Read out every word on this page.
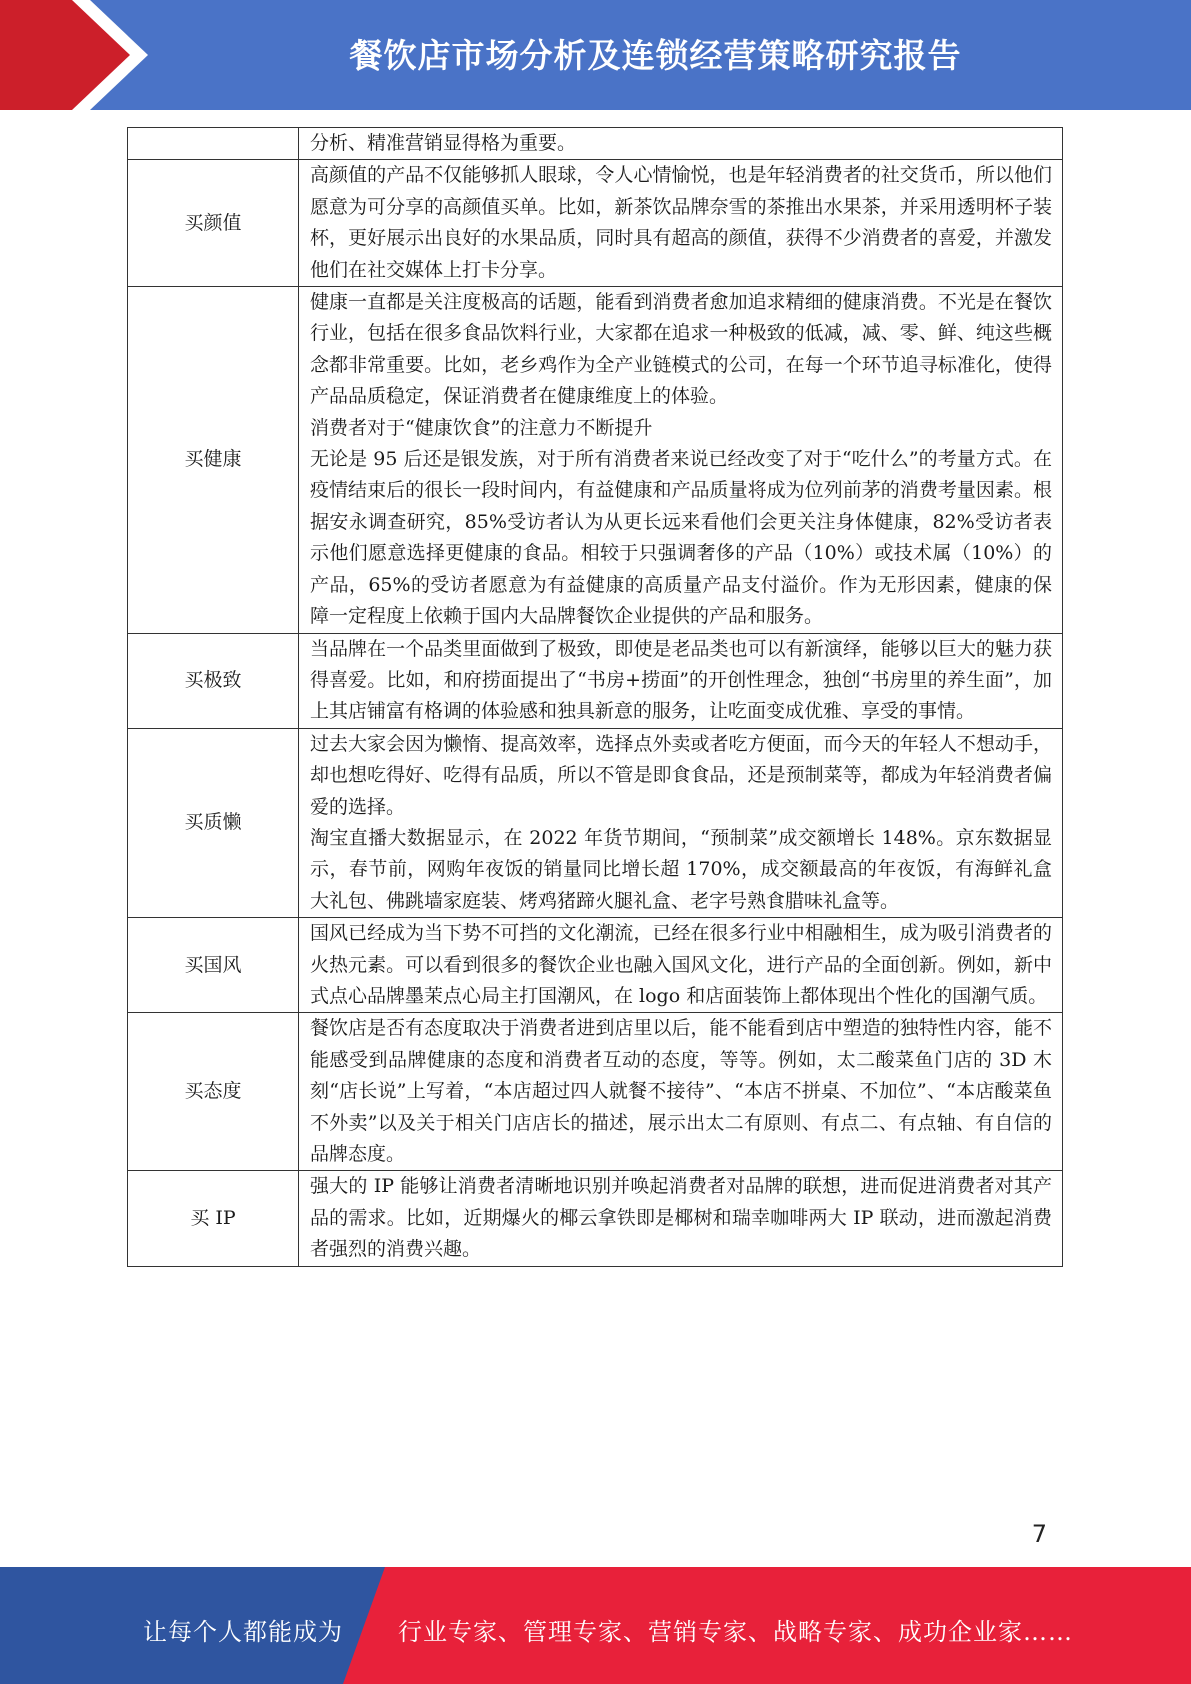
餐饮店市场分析及连锁经营策略研究报告

	分析、精准营销显得格为重要。

买颜值	高颜值的产品不仅能够抓人眼球，令人心情愉悦，也是年轻消费者的社交货币，所以他们愿意为可分享的高颜值买单。比如，新茶饮品牌奈雪的茶推出水果茶，并采用透明杯子装杯，更好展示出良好的水果品质，同时具有超高的颜值，获得不少消费者的喜爱，并激发他们在社交媒体上打卡分享。

买健康	健康一直都是关注度极高的话题，能看到消费者愈加追求精细的健康消费。不光是在餐饮行业，包括在很多食品饮料行业，大家都在追求一种极致的低减，减、零、鲜、纯这些概念都非常重要。比如，老乡鸡作为全产业链模式的公司，在每一个环节追寻标准化，使得产品品质稳定，保证消费者在健康维度上的体验。
消费者对于“健康饮食”的注意力不断提升
无论是 95 后还是银发族，对于所有消费者来说已经改变了对于“吃什么”的考量方式。在疫情结束后的很长一段时间内，有益健康和产品质量将成为位列前茅的消费考量因素。根据安永调查研究，85%受访者认为从更长远来看他们会更关注身体健康，82%受访者表示他们愿意选择更健康的食品。相较于只强调奢侈的产品（10%）或技术属（10%）的产品，65%的受访者愿意为有益健康的高质量产品支付溢价。作为无形因素，健康的保障一定程度上依赖于国内大品牌餐饮企业提供的产品和服务。

买极致	当品牌在一个品类里面做到了极致，即使是老品类也可以有新演绎，能够以巨大的魅力获得喜爱。比如，和府捞面提出了“书房+捞面”的开创性理念，独创“书房里的养生面”，加上其店铺富有格调的体验感和独具新意的服务，让吃面变成优雅、享受的事情。

买质懒	过去大家会因为懒惰、提高效率，选择点外卖或者吃方便面，而今天的年轻人不想动手，却也想吃得好、吃得有品质，所以不管是即食食品，还是预制菜等，都成为年轻消费者偏爱的选择。
淘宝直播大数据显示，在 2022 年货节期间，“预制菜”成交额增长 148%。京东数据显示，春节前，网购年夜饭的销量同比增长超 170%，成交额最高的年夜饭，有海鲜礼盒大礼包、佛跳墙家庭装、烤鸡猪蹄火腿礼盒、老字号熟食腊味礼盒等。

买国风	国风已经成为当下势不可挡的文化潮流，已经在很多行业中相融相生，成为吸引消费者的火热元素。可以看到很多的餐饮企业也融入国风文化，进行产品的全面创新。例如，新中式点心品牌墨茉点心局主打国潮风，在 logo 和店面装饰上都体现出个性化的国潮气质。

买态度	餐饮店是否有态度取决于消费者进到店里以后，能不能看到店中塑造的独特性内容，能不能感受到品牌健康的态度和消费者互动的态度，等等。例如，太二酸菜鱼门店的 3D 木刻“店长说”上写着，“本店超过四人就餐不接待”、“本店不拼桌、不加位”、“本店酸菜鱼不外卖”以及关于相关门店店长的描述，展示出太二有原则、有点二、有点轴、有自信的品牌态度。

买 IP	强大的 IP 能够让消费者清晰地识别并唤起消费者对品牌的联想，进而促进消费者对其产品的需求。比如，近期爆火的椰云拿铁即是椰树和瑞幸咖啡两大 IP 联动，进而激起消费者强烈的消费兴趣。
7
让每个人都能成为 行业专家、管理专家、营销专家、战略专家、成功企业家……
